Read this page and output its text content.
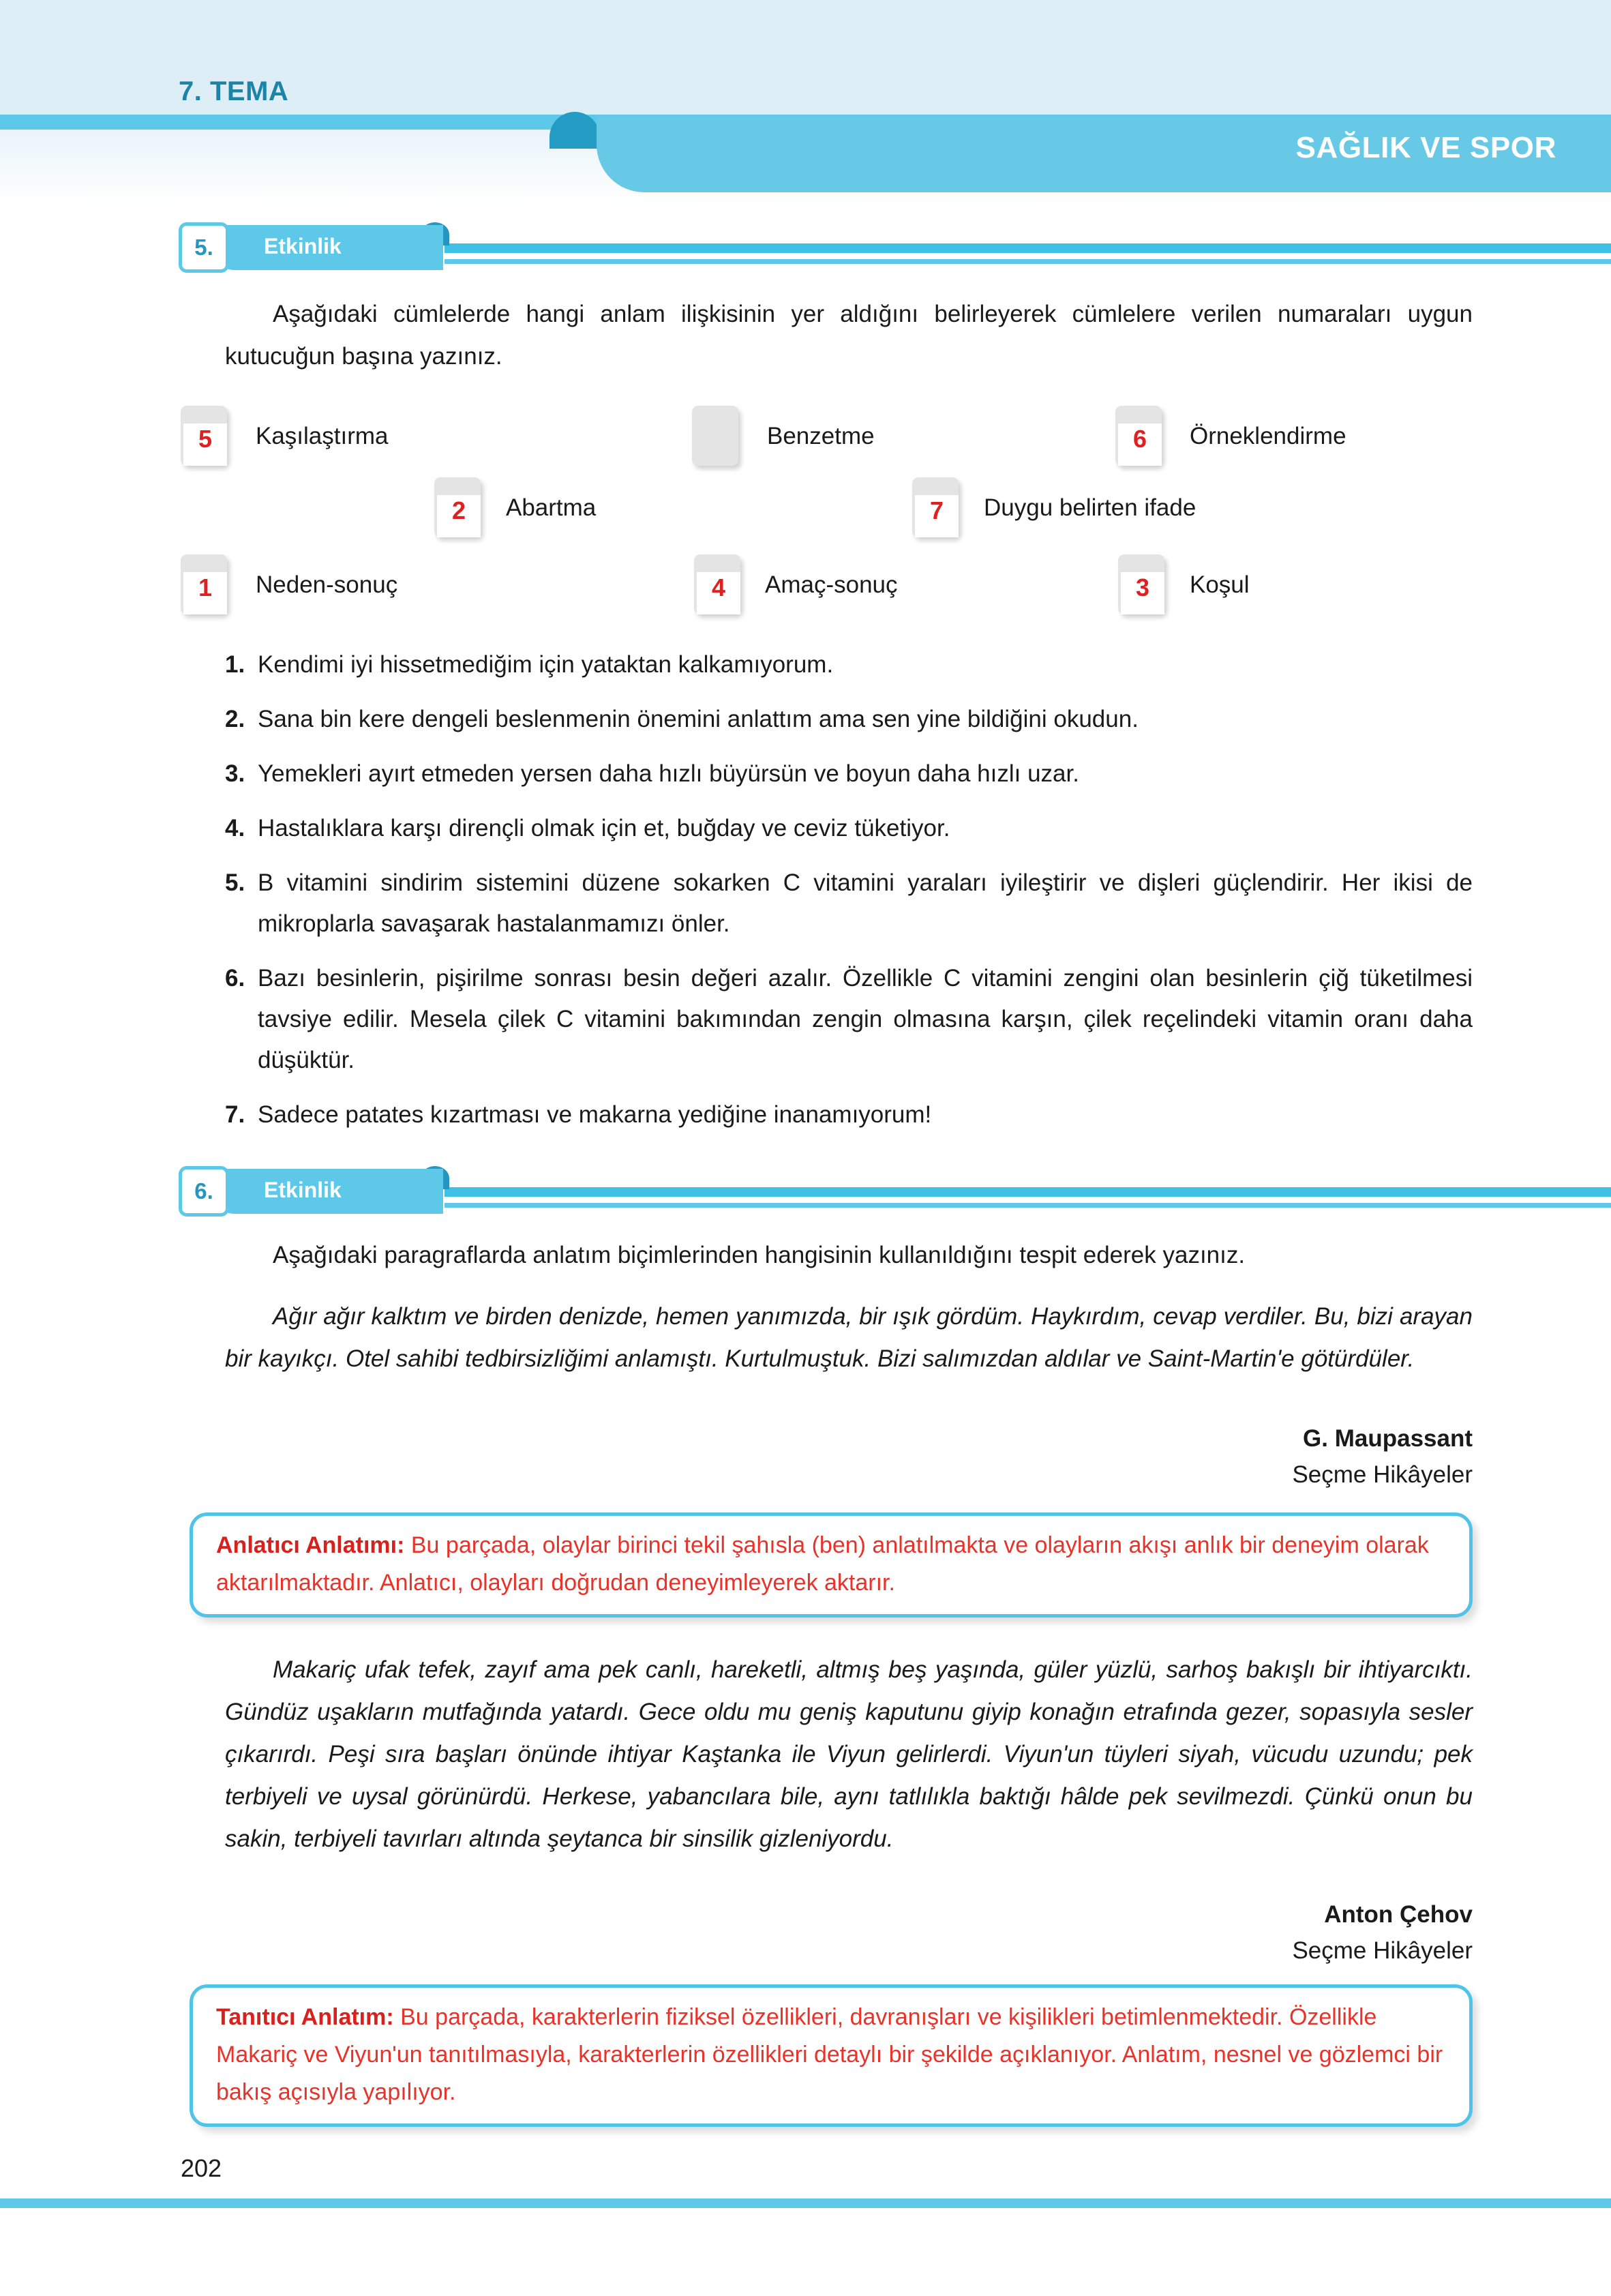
7. TEMA
SAĞLIK VE SPOR
5.	Etkinlik
Aşağıdaki cümlelerde hangi anlam ilişkisinin yer aldığını belirleyerek cümlelere verilen numaraları uygun kutucuğun başına yazınız.
5	Kaşılaştırma	Benzetme	6	Örneklendirme
2	Abartma	7	Duygu belirten ifade
1	Neden-sonuç	4	Amaç-sonuç	3	Koşul
1. Kendimi iyi hissetmediğim için yataktan kalkamıyorum.
2. Sana bin kere dengeli beslenmenin önemini anlattım ama sen yine bildiğini okudun.
3. Yemekleri ayırt etmeden yersen daha hızlı büyürsün ve boyun daha hızlı uzar.
4. Hastalıklara karşı dirençli olmak için et, buğday ve ceviz tüketiyor.
5. B vitamini sindirim sistemini düzene sokarken C vitamini yaraları iyileştirir ve dişleri güçlendirir. Her ikisi de mikroplarla savaşarak hastalanmamızı önler.
6. Bazı besinlerin, pişirilme sonrası besin değeri azalır. Özellikle C vitamini zengini olan besinlerin çiğ tüketilmesi tavsiye edilir. Mesela çilek C vitamini bakımından zengin olmasına karşın, çilek reçelindeki vitamin oranı daha düşüktür.
7. Sadece patates kızartması ve makarna yediğine inanamıyorum!
6.	Etkinlik
Aşağıdaki paragraflarda anlatım biçimlerinden hangisinin kullanıldığını tespit ederek yazınız.
Ağır ağır kalktım ve birden denizde, hemen yanımızda, bir ışık gördüm. Haykırdım, cevap verdiler. Bu, bizi arayan bir kayıkçı. Otel sahibi tedbirsizliğimi anlamıştı. Kurtulmuştuk. Bizi salımızdan aldılar ve Saint-Martin'e götürdüler.
G. Maupassant
Seçme Hikâyeler
Anlatıcı Anlatımı: Bu parçada, olaylar birinci tekil şahısla (ben) anlatılmakta ve olayların akışı anlık bir deneyim olarak aktarılmaktadır. Anlatıcı, olayları doğrudan deneyimleyerek aktarır.
Makariç ufak tefek, zayıf ama pek canlı, hareketli, altmış beş yaşında, güler yüzlü, sarhoş bakışlı bir ihtiyarcıktı. Gündüz uşakların mutfağında yatardı. Gece oldu mu geniş kaputunu giyip konağın etrafında gezer, sopasıyla sesler çıkarırdı. Peşi sıra başları önünde ihtiyar Kaştanka ile Viyun gelirlerdi. Viyun'un tüyleri siyah, vücudu uzundu; pek terbiyeli ve uysal görünürdü. Herkese, yabancılara bile, aynı tatlılıkla baktığı hâlde pek sevilmezdi. Çünkü onun bu sakin, terbiyeli tavırları altında şeytanca bir sinsilik gizleniyordu.
Anton Çehov
Seçme Hikâyeler
Tanıtıcı Anlatım: Bu parçada, karakterlerin fiziksel özellikleri, davranışları ve kişilikleri betimlenmektedir. Özellikle Makariç ve Viyun'un tanıtılmasıyla, karakterlerin özellikleri detaylı bir şekilde açıklanıyor. Anlatım, nesnel ve gözlemci bir bakış açısıyla yapılıyor.
202
